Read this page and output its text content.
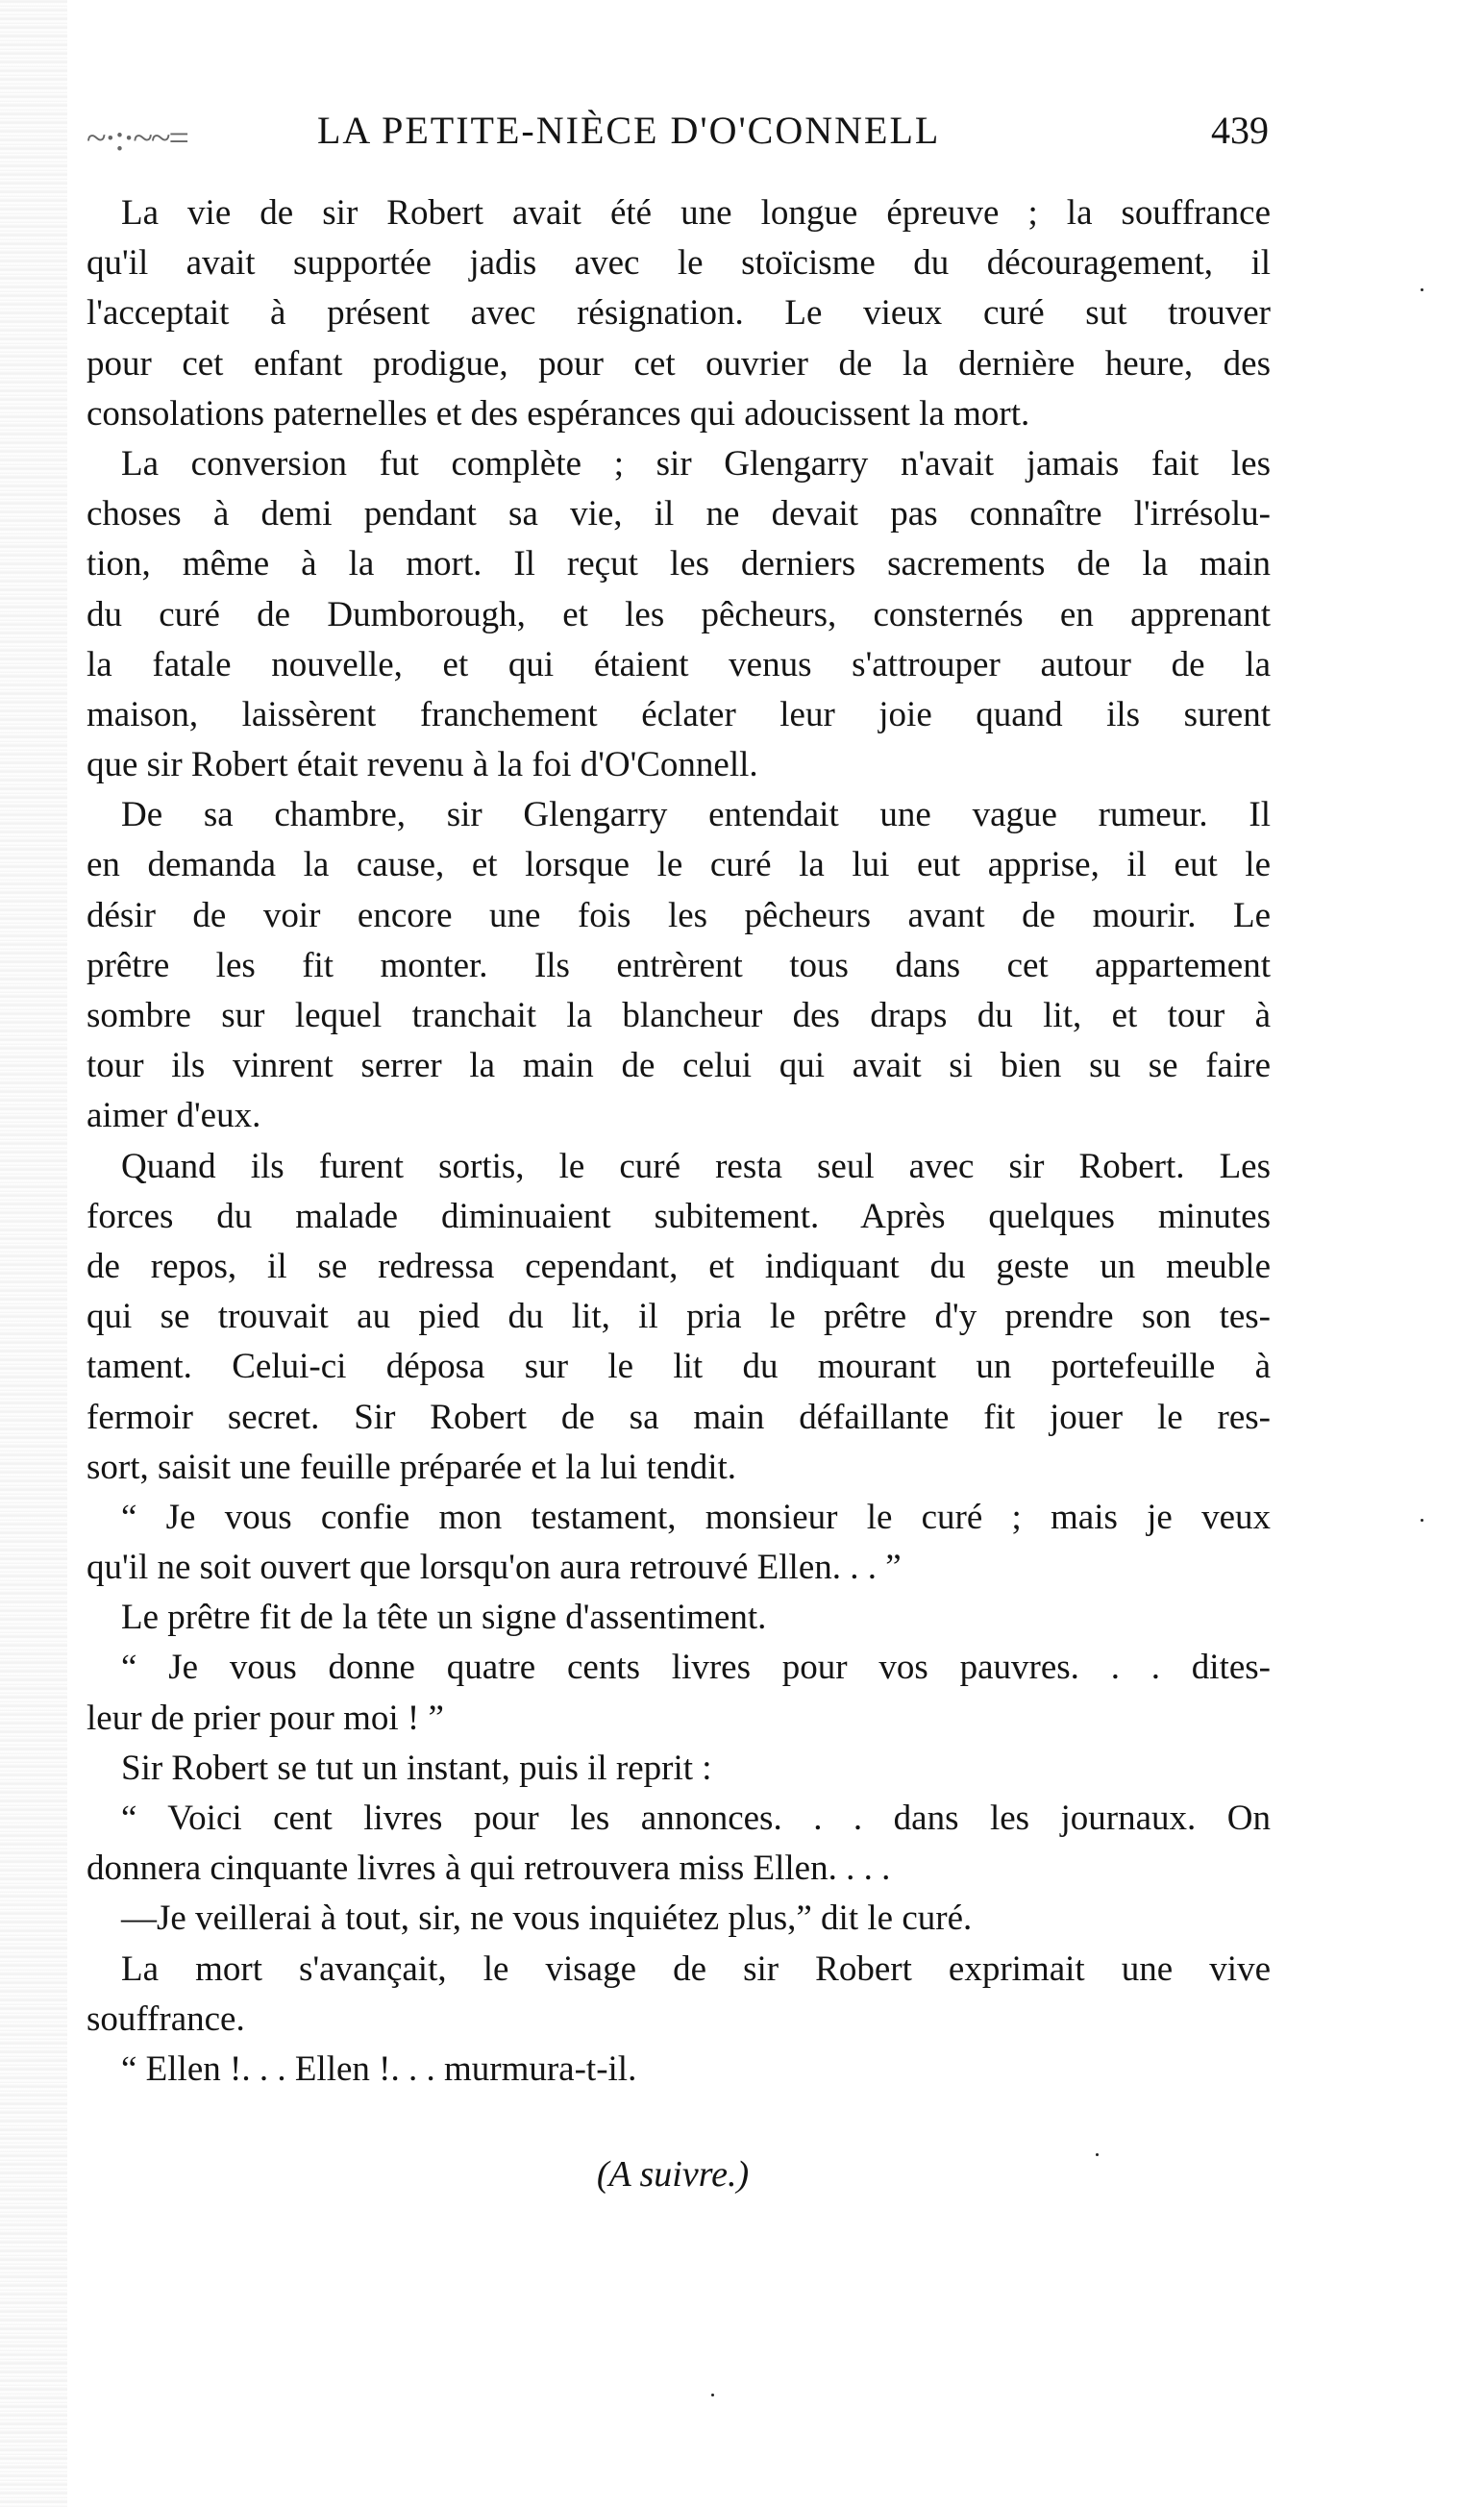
~·:·~~=	LA PETITE-NIÈCE D'O'CONNELL	439
La vie de sir Robert avait été une longue épreuve ; la souffrance
qu'il avait supportée jadis avec le stoïcisme du découragement, il
l'acceptait à présent avec résignation. Le vieux curé sut trouver
pour cet enfant prodigue, pour cet ouvrier de la dernière heure, des
consolations paternelles et des espérances qui adoucissent la mort.
La conversion fut complète ; sir Glengarry n'avait jamais fait les
choses à demi pendant sa vie, il ne devait pas connaître l'irrésolu-
tion, même à la mort. Il reçut les derniers sacrements de la main
du curé de Dumborough, et les pêcheurs, consternés en apprenant
la fatale nouvelle, et qui étaient venus s'attrouper autour de la
maison, laissèrent franchement éclater leur joie quand ils surent
que sir Robert était revenu à la foi d'O'Connell.
De sa chambre, sir Glengarry entendait une vague rumeur. Il
en demanda la cause, et lorsque le curé la lui eut apprise, il eut le
désir de voir encore une fois les pêcheurs avant de mourir. Le
prêtre les fit monter. Ils entrèrent tous dans cet appartement
sombre sur lequel tranchait la blancheur des draps du lit, et tour à
tour ils vinrent serrer la main de celui qui avait si bien su se faire
aimer d'eux.
Quand ils furent sortis, le curé resta seul avec sir Robert. Les
forces du malade diminuaient subitement. Après quelques minutes
de repos, il se redressa cependant, et indiquant du geste un meuble
qui se trouvait au pied du lit, il pria le prêtre d'y prendre son tes-
tament. Celui-ci déposa sur le lit du mourant un portefeuille à
fermoir secret. Sir Robert de sa main défaillante fit jouer le res-
sort, saisit une feuille préparée et la lui tendit.
“ Je vous confie mon testament, monsieur le curé ; mais je veux
qu'il ne soit ouvert que lorsqu'on aura retrouvé Ellen. . . ”
Le prêtre fit de la tête un signe d'assentiment.
“ Je vous donne quatre cents livres pour vos pauvres. . . dites-
leur de prier pour moi ! ”
Sir Robert se tut un instant, puis il reprit :
“ Voici cent livres pour les annonces. . . dans les journaux. On
donnera cinquante livres à qui retrouvera miss Ellen. . . .
—Je veillerai à tout, sir, ne vous inquiétez plus,” dit le curé.
La mort s'avançait, le visage de sir Robert exprimait une vive
souffrance.
“ Ellen !. . . Ellen !. . . murmura-t-il.
(A suivre.)
